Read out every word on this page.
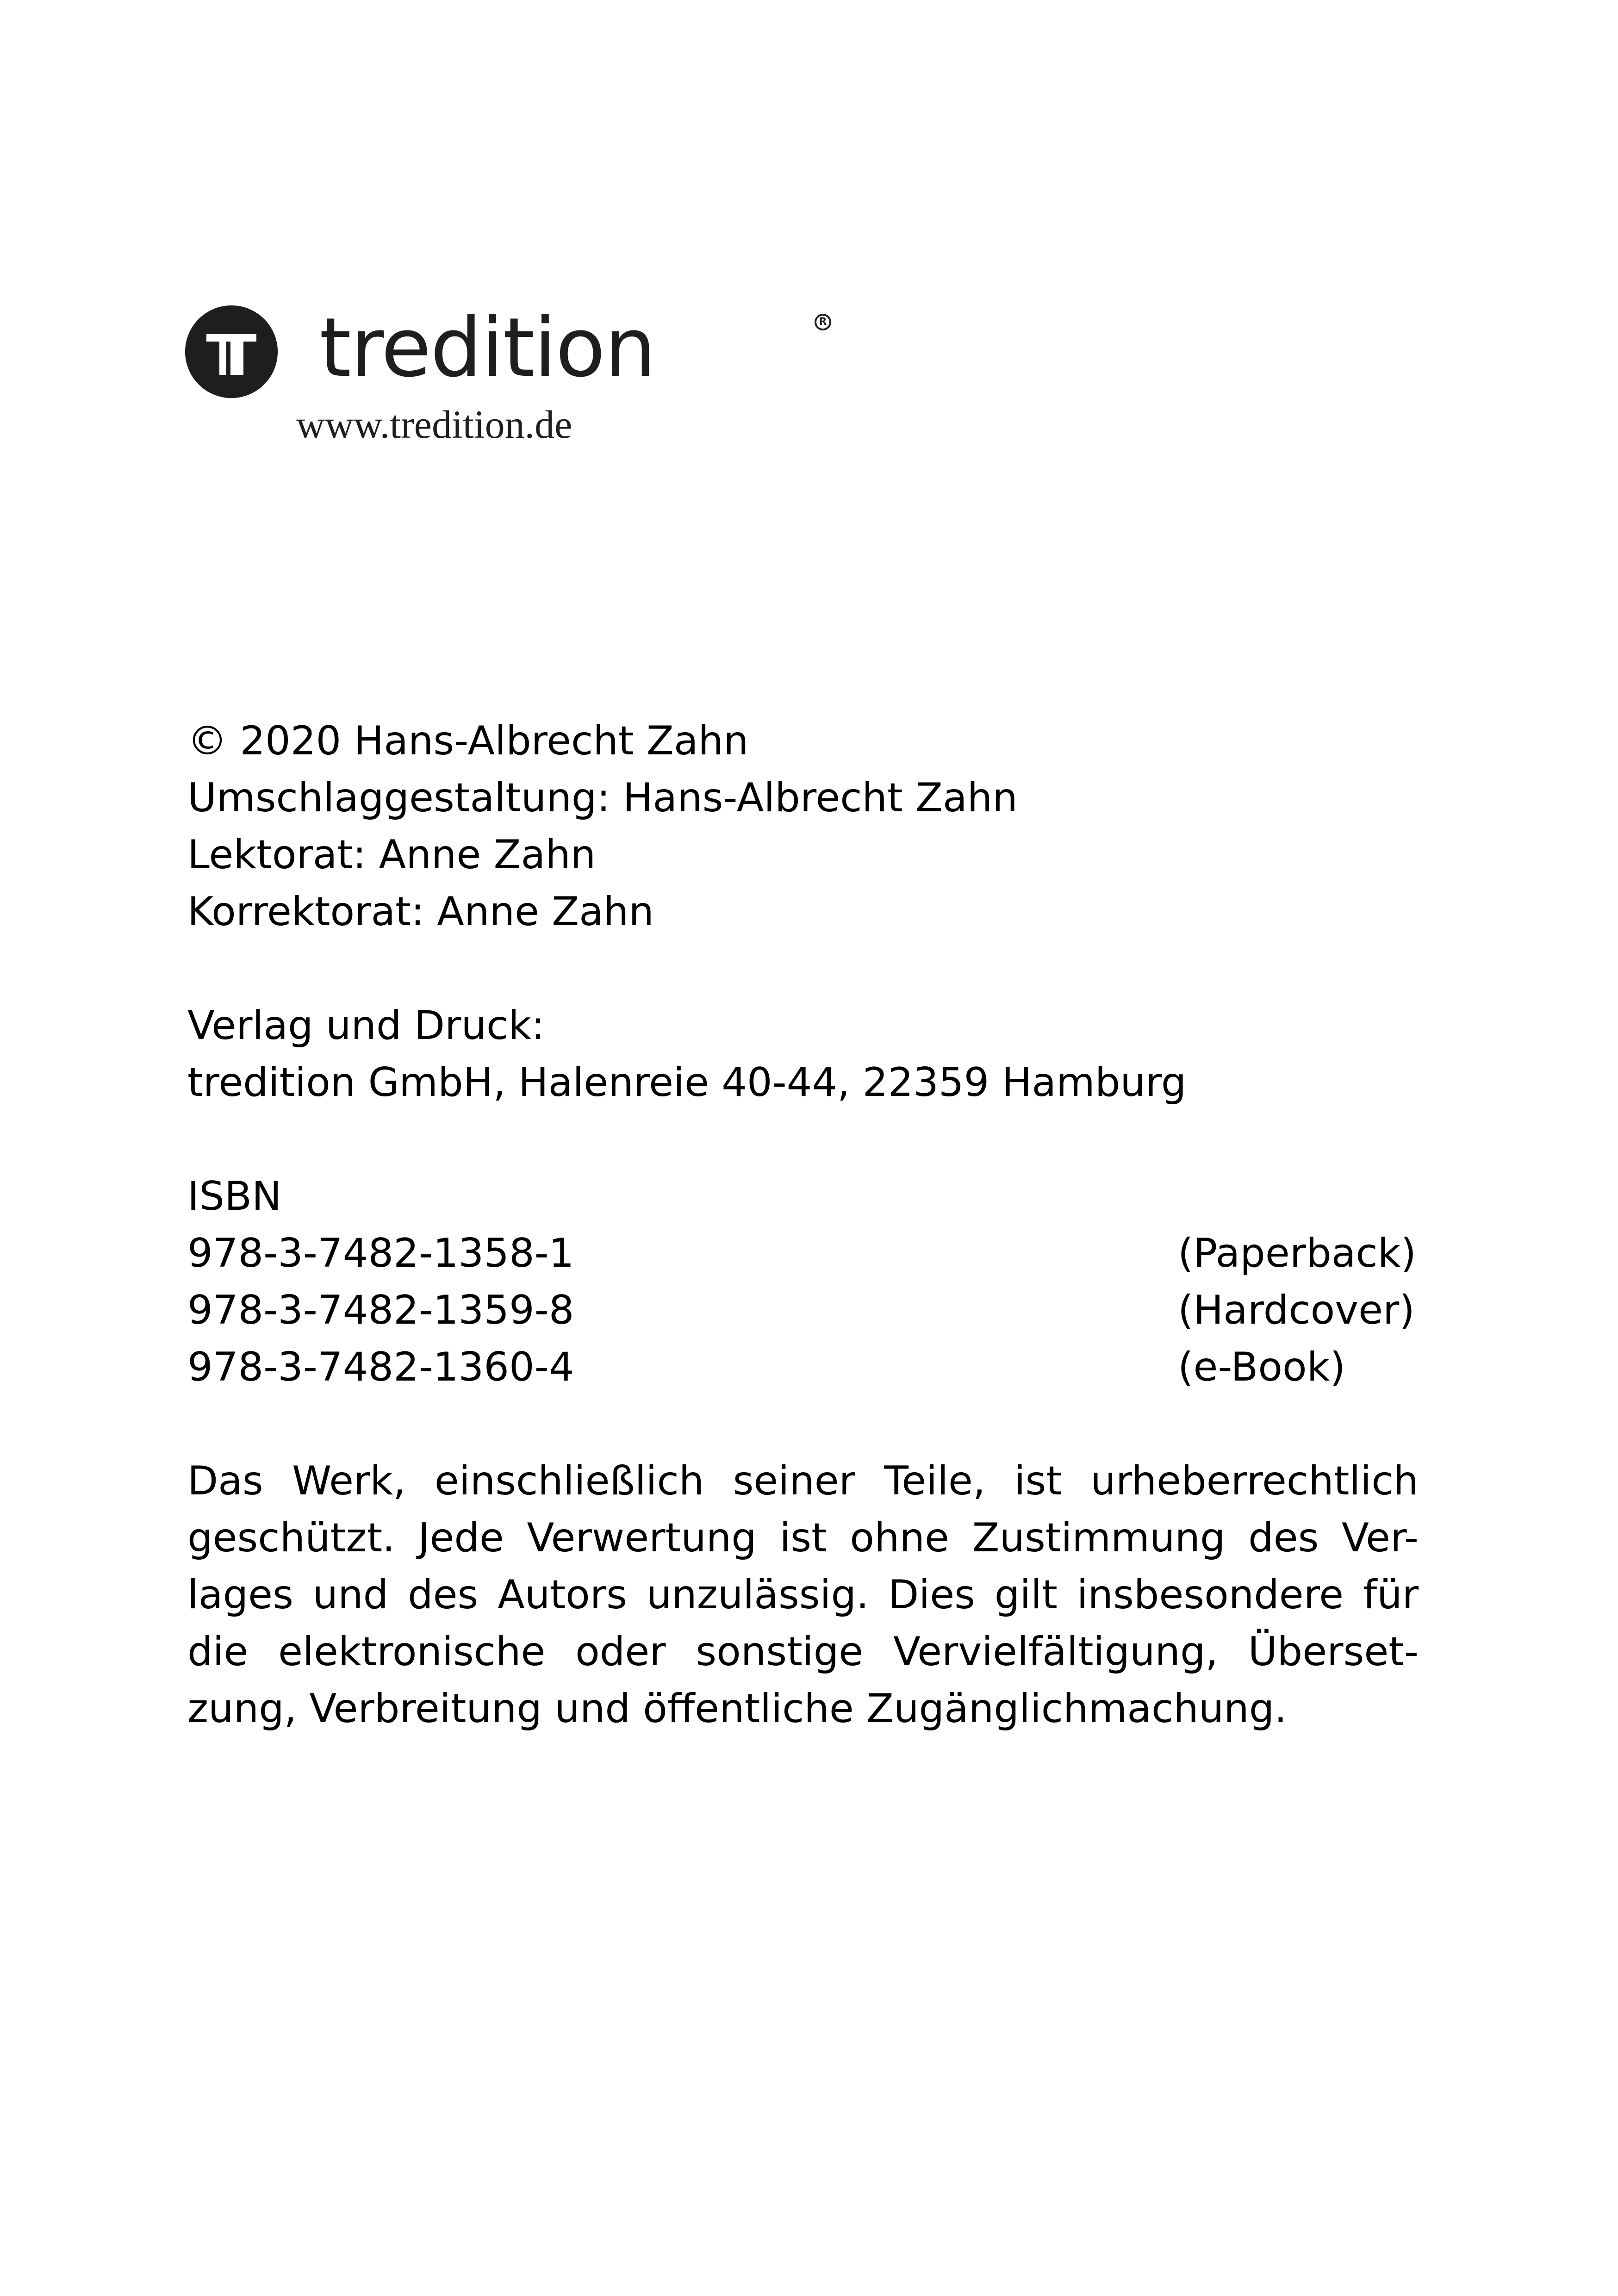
tredition	R
www.tredition.de
© 2020 Hans-Albrecht Zahn
Umschlaggestaltung: Hans-Albrecht Zahn
Lektorat: Anne Zahn
Korrektorat: Anne Zahn
Verlag und Druck:
tredition GmbH, Halenreie 40-44, 22359 Hamburg
ISBN
978-3-7482-1358-1	(Paperback)
978-3-7482-1359-8	(Hardcover)
978-3-7482-1360-4	(e-Book)
Das Werk, einschließlich seiner Teile, ist urheberrechtlich
geschützt. Jede Verwertung ist ohne Zustimmung des Ver-
lages und des Autors unzulässig. Dies gilt insbesondere für
die elektronische oder sonstige Vervielfältigung, Überset-
zung, Verbreitung und öffentliche Zugänglichmachung.
